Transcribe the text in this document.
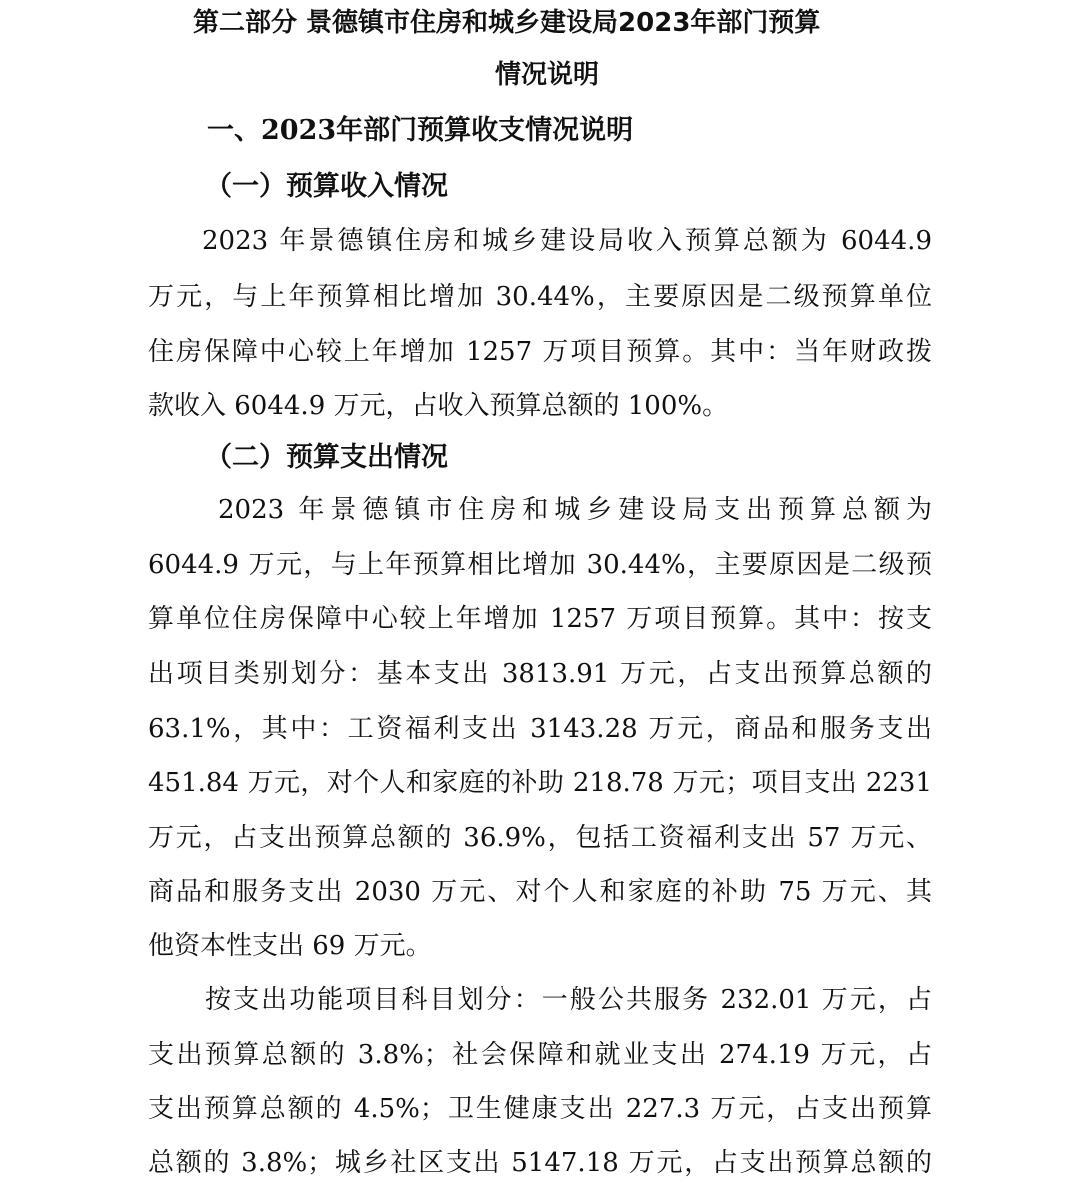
第二部分 景德镇市住房和城乡建设局2023年部门预算
情况说明
一、2023年部门预算收支情况说明
（一）预算收入情况
2023 年景德镇住房和城乡建设局收入预算总额为 6044.9
万元，与上年预算相比增加 30.44%，主要原因是二级预算单位
住房保障中心较上年增加 1257 万项目预算。其中：当年财政拨
款收入 6044.9 万元，占收入预算总额的 100%。
（二）预算支出情况
2023 年景德镇市住房和城乡建设局支出预算总额为
6044.9 万元，与上年预算相比增加 30.44%，主要原因是二级预
算单位住房保障中心较上年增加 1257 万项目预算。其中：按支
出项目类别划分：基本支出 3813.91 万元，占支出预算总额的
63.1%，其中：工资福利支出 3143.28 万元，商品和服务支出
451.84 万元，对个人和家庭的补助 218.78 万元；项目支出 2231
万元，占支出预算总额的 36.9%，包括工资福利支出 57 万元、
商品和服务支出 2030 万元、对个人和家庭的补助 75 万元、其
他资本性支出 69 万元。
按支出功能项目科目划分：一般公共服务 232.01 万元，占
支出预算总额的 3.8%；社会保障和就业支出 274.19 万元，占
支出预算总额的 4.5%；卫生健康支出 227.3 万元，占支出预算
总额的 3.8%；城乡社区支出 5147.18 万元，占支出预算总额的
